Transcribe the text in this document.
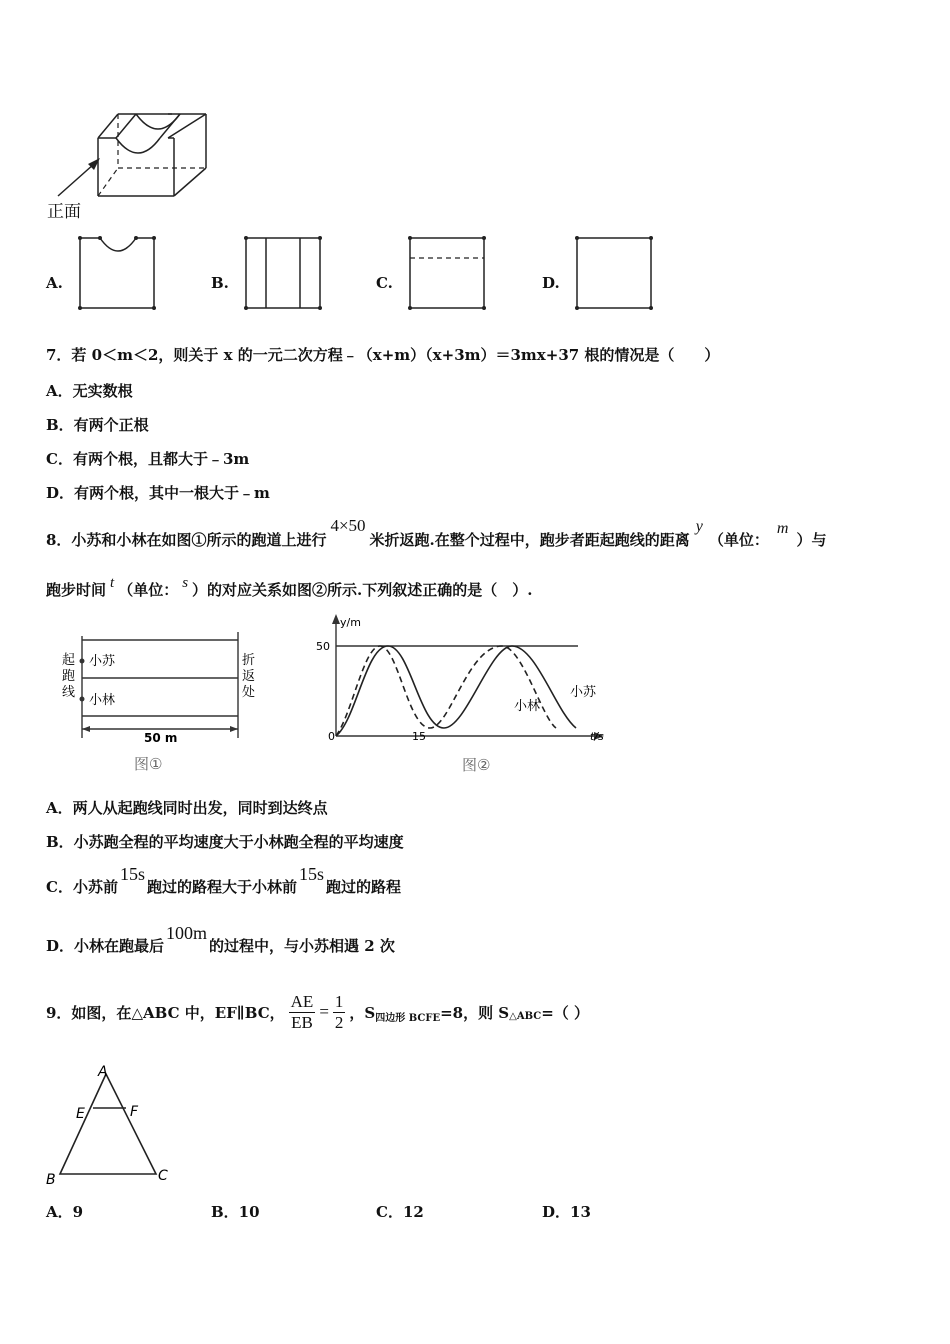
正面
A.	B.	C.	D.
7．若 0＜m＜2，则关于 x 的一元二次方程﹣（x+m）（x+3m）＝3mx+37 根的情况是（　　）
A．无实数根
B．有两个正根
C．有两个根，且都大于﹣3m
D．有两个根，其中一根大于﹣m
8．小苏和小林在如图①所示的跑道上进行4×50米折返跑.在整个过程中，跑步者距起跑线的距离y（单位：m）与
跑步时间 t （单位： s ）的对应关系如图②所示.下列叙述正确的是（　）.
起
跑
线
折
返
处
小苏
小林
50 m
图①
y/m
t/s
50
0	15
小林
小苏
图②
A．两人从起跑线同时出发，同时到达终点
B．小苏跑全程的平均速度大于小林跑全程的平均速度
C．小苏前15s跑过的路程大于小林前15s跑过的路程
D．小林在跑最后100m的过程中，与小苏相遇 2 次
9．如图，在△ABC 中，EF∥BC， $\frac{AE}{EB} = \frac{1}{2}$ ，S 四边形 BCFE =8，则 S △ABC =（ ）
A
E	F
B	C
A．9	B．10	C．12	D．13
